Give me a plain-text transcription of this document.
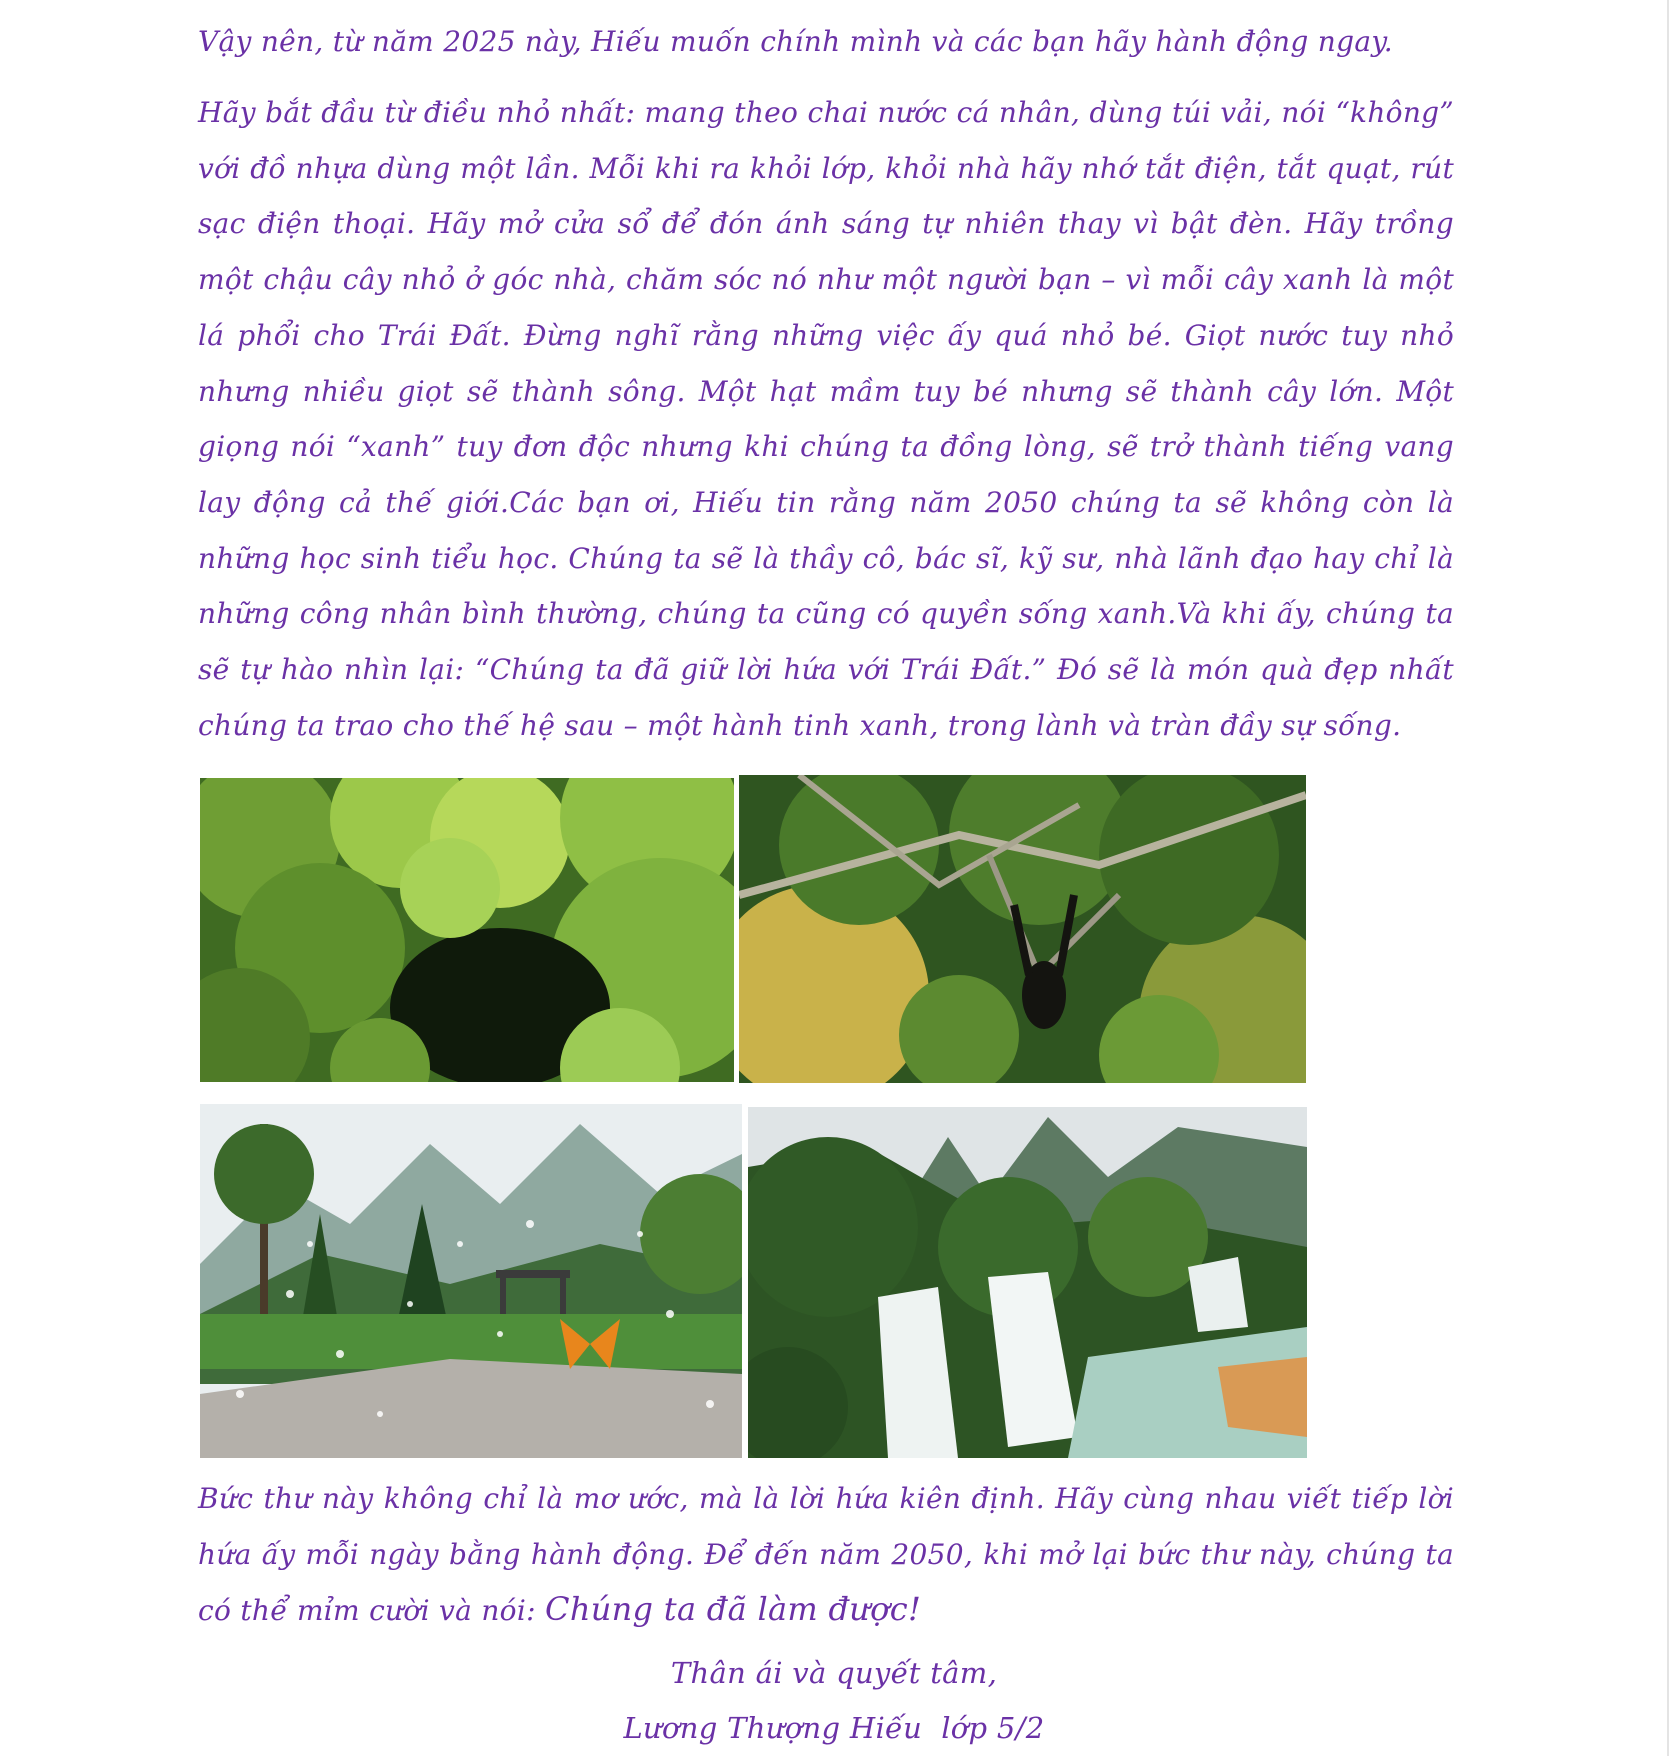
Vậy nên, từ năm 2025 này, Hiếu muốn chính mình và các bạn hãy hành động ngay.

Hãy bắt đầu từ điều nhỏ nhất: mang theo chai nước cá nhân, dùng túi vải, nói “không” với đồ nhựa dùng một lần. Mỗi khi ra khỏi lớp, khỏi nhà hãy nhớ tắt điện, tắt quạt, rút sạc điện thoại. Hãy mở cửa sổ để đón ánh sáng tự nhiên thay vì bật đèn. Hãy trồng một chậu cây nhỏ ở góc nhà, chăm sóc nó như một người bạn – vì mỗi cây xanh là một lá phổi cho Trái Đất. Đừng nghĩ rằng những việc ấy quá nhỏ bé. Giọt nước tuy nhỏ nhưng nhiều giọt sẽ thành sông. Một hạt mầm tuy bé nhưng sẽ thành cây lớn. Một giọng nói “xanh” tuy đơn độc nhưng khi chúng ta đồng lòng, sẽ trở thành tiếng vang lay động cả thế giới.Các bạn ơi, Hiếu tin rằng năm 2050 chúng ta sẽ không còn là những học sinh tiểu học. Chúng ta sẽ là thầy cô, bác sĩ, kỹ sư, nhà lãnh đạo hay chỉ là những công nhân bình thường, chúng ta cũng có quyền sống xanh.Và khi ấy, chúng ta sẽ tự hào nhìn lại: “Chúng ta đã giữ lời hứa với Trái Đất.” Đó sẽ là món quà đẹp nhất chúng ta trao cho thế hệ sau – một hành tinh xanh, trong lành và tràn đầy sự sống.

Bức thư này không chỉ là mơ ước, mà là lời hứa kiên định. Hãy cùng nhau viết tiếp lời hứa ấy mỗi ngày bằng hành động. Để đến năm 2050, khi mở lại bức thư này, chúng ta có thể mỉm cười và nói: Chúng ta đã làm được!

Thân ái và quyết tâm,

Lương Thượng Hiếu  lớp 5/2
